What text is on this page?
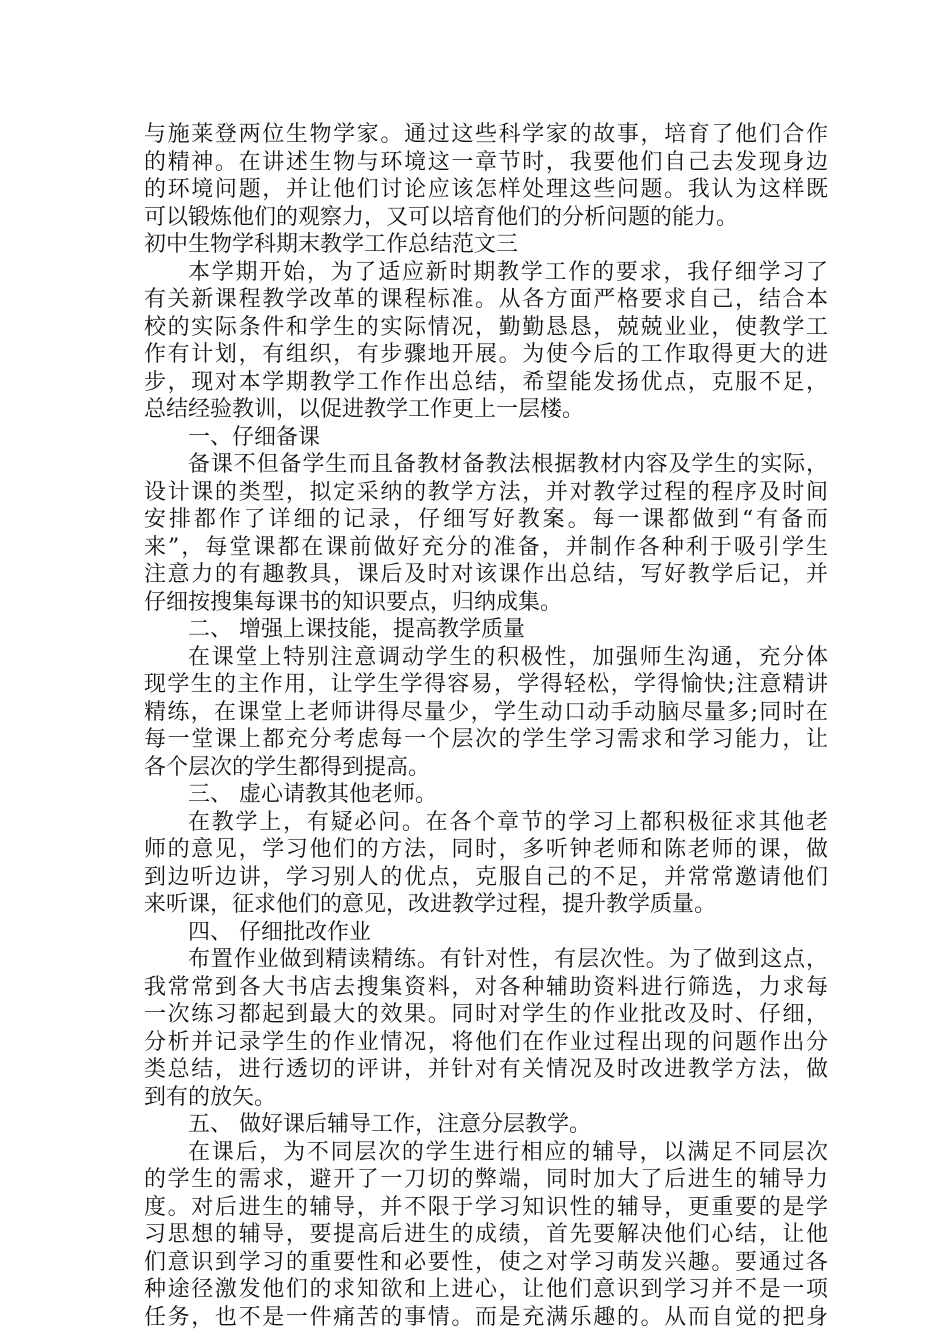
与施莱登两位生物学家。通过这些科学家的故事，培育了他们合作
的精神。在讲述生物与环境这一章节时，我要他们自己去发现身边
的环境问题，并让他们讨论应该怎样处理这些问题。我认为这样既
可以锻炼他们的观察力，又可以培育他们的分析问题的能力。
初中生物学科期末教学工作总结范文三
本学期开始，为了适应新时期教学工作的要求，我仔细学习了
有关新课程教学改革的课程标准。从各方面严格要求自己，结合本
校的实际条件和学生的实际情况，勤勤恳恳，兢兢业业，使教学工
作有计划，有组织，有步骤地开展。为使今后的工作取得更大的进
步，现对本学期教学工作作出总结，希望能发扬优点，克服不足，
总结经验教训，以促进教学工作更上一层楼。
一、仔细备课
备课不但备学生而且备教材备教法根据教材内容及学生的实际，
设计课的类型，拟定采纳的教学方法，并对教学过程的程序及时间
安排都作了详细的记录，仔细写好教案。每一课都做到“有备而
来”，每堂课都在课前做好充分的准备，并制作各种利于吸引学生
注意力的有趣教具，课后及时对该课作出总结，写好教学后记，并
仔细按搜集每课书的知识要点，归纳成集。
二、 增强上课技能，提高教学质量
在课堂上特别注意调动学生的积极性，加强师生沟通，充分体
现学生的主作用，让学生学得容易，学得轻松，学得愉快;注意精讲
精练，在课堂上老师讲得尽量少，学生动口动手动脑尽量多;同时在
每一堂课上都充分考虑每一个层次的学生学习需求和学习能力，让
各个层次的学生都得到提高。
三、 虚心请教其他老师。
在教学上，有疑必问。在各个章节的学习上都积极征求其他老
师的意见，学习他们的方法，同时，多听钟老师和陈老师的课，做
到边听边讲，学习别人的优点，克服自己的不足，并常常邀请他们
来听课，征求他们的意见，改进教学过程，提升教学质量。
四、 仔细批改作业
布置作业做到精读精练。有针对性，有层次性。为了做到这点，
我常常到各大书店去搜集资料，对各种辅助资料进行筛选，力求每
一次练习都起到最大的效果。同时对学生的作业批改及时、仔细，
分析并记录学生的作业情况，将他们在作业过程出现的问题作出分
类总结，进行透切的评讲，并针对有关情况及时改进教学方法，做
到有的放矢。
五、 做好课后辅导工作，注意分层教学。
在课后，为不同层次的学生进行相应的辅导，以满足不同层次
的学生的需求，避开了一刀切的弊端，同时加大了后进生的辅导力
度。对后进生的辅导，并不限于学习知识性的辅导，更重要的是学
习思想的辅导，要提高后进生的成绩，首先要解决他们心结，让他
们意识到学习的重要性和必要性，使之对学习萌发兴趣。要通过各
种途径激发他们的求知欲和上进心，让他们意识到学习并不是一项
任务，也不是一件痛苦的事情。而是充满乐趣的。从而自觉的把身
